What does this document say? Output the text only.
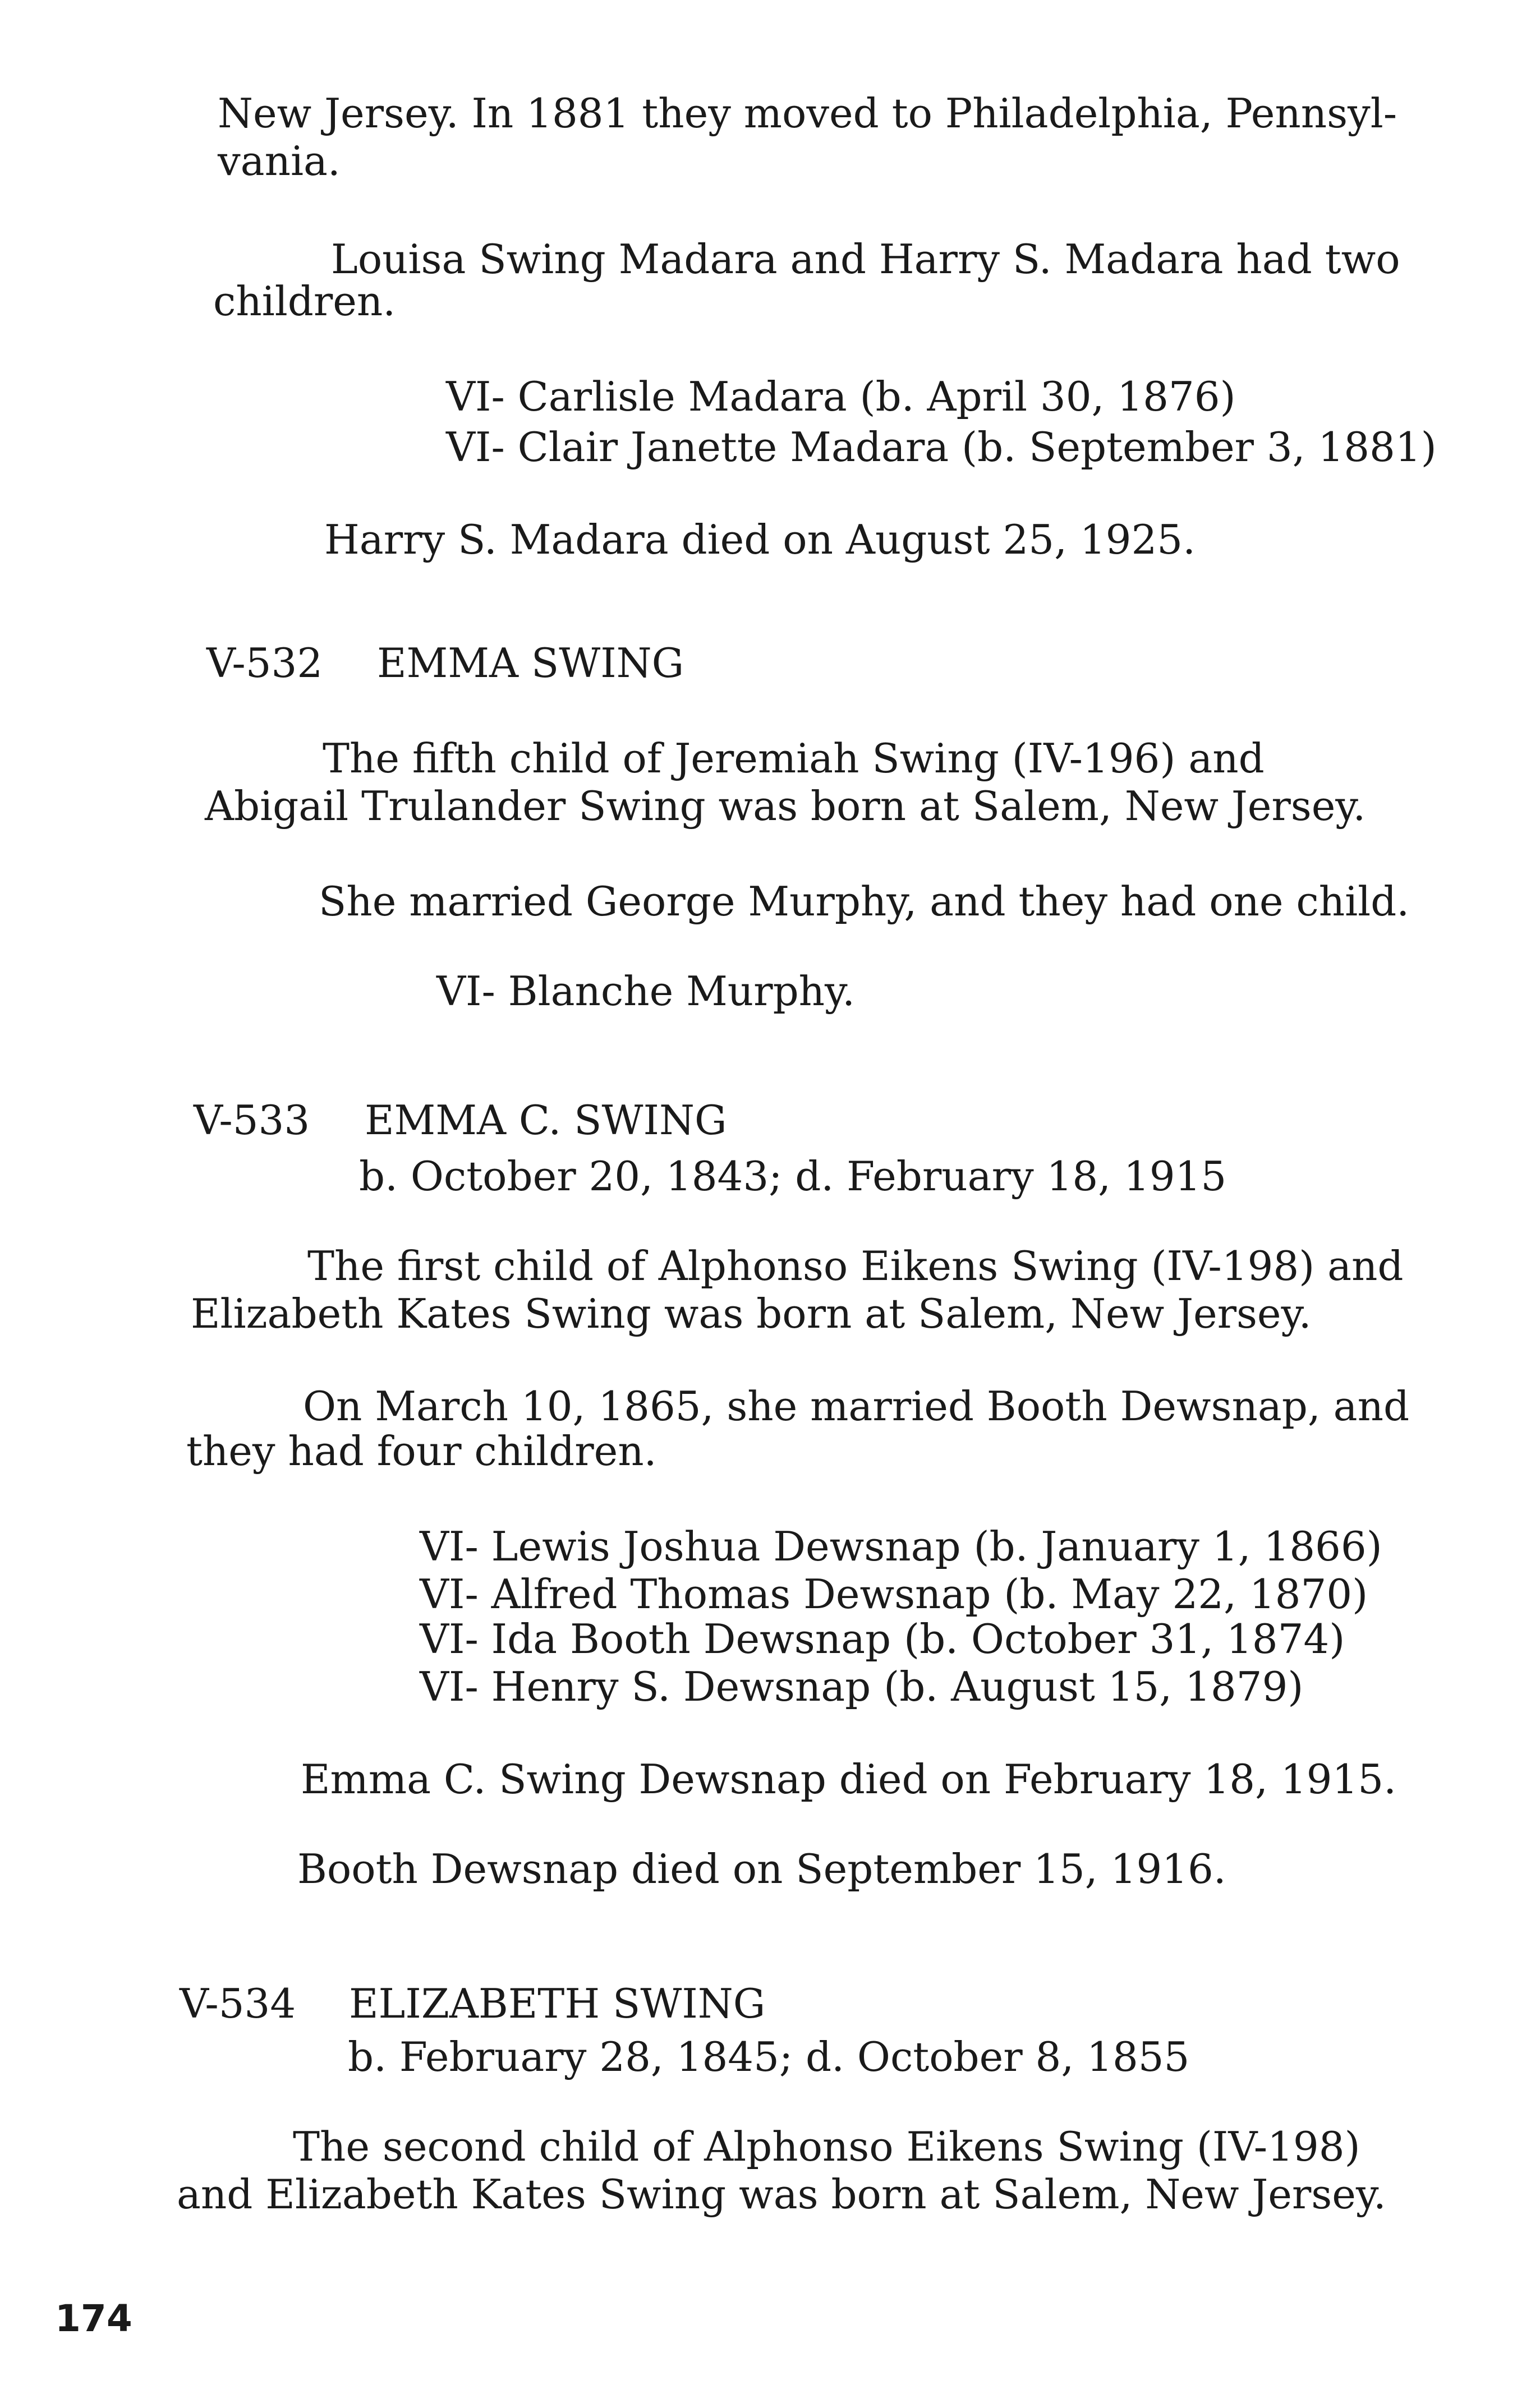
New Jersey. In 1881 they moved to Philadelphia, Pennsyl-
vania.
Louisa Swing Madara and Harry S. Madara had two
children.
VI- Carlisle Madara (b. April 30, 1876)
VI- Clair Janette Madara (b. September 3, 1881)
Harry S. Madara died on August 25, 1925.
V-532 EMMA SWING
The fifth child of Jeremiah Swing (IV-196) and
Abigail Trulander Swing was born at Salem, New Jersey.
She married George Murphy, and they had one child.
VI- Blanche Murphy.
V-533 EMMA C. SWING
b. October 20, 1843; d. February 18, 1915
The first child of Alphonso Eikens Swing (IV-198) and
Elizabeth Kates Swing was born at Salem, New Jersey.
On March 10, 1865, she married Booth Dewsnap, and
they had four children.
VI- Lewis Joshua Dewsnap (b. January 1, 1866)
VI- Alfred Thomas Dewsnap (b. May 22, 1870)
VI- Ida Booth Dewsnap (b. October 31, 1874)
VI- Henry S. Dewsnap (b. August 15, 1879)
Emma C. Swing Dewsnap died on February 18, 1915.
Booth Dewsnap died on September 15, 1916.
V-534 ELIZABETH SWING
b. February 28, 1845; d. October 8, 1855
The second child of Alphonso Eikens Swing (IV-198)
and Elizabeth Kates Swing was born at Salem, New Jersey.
174
